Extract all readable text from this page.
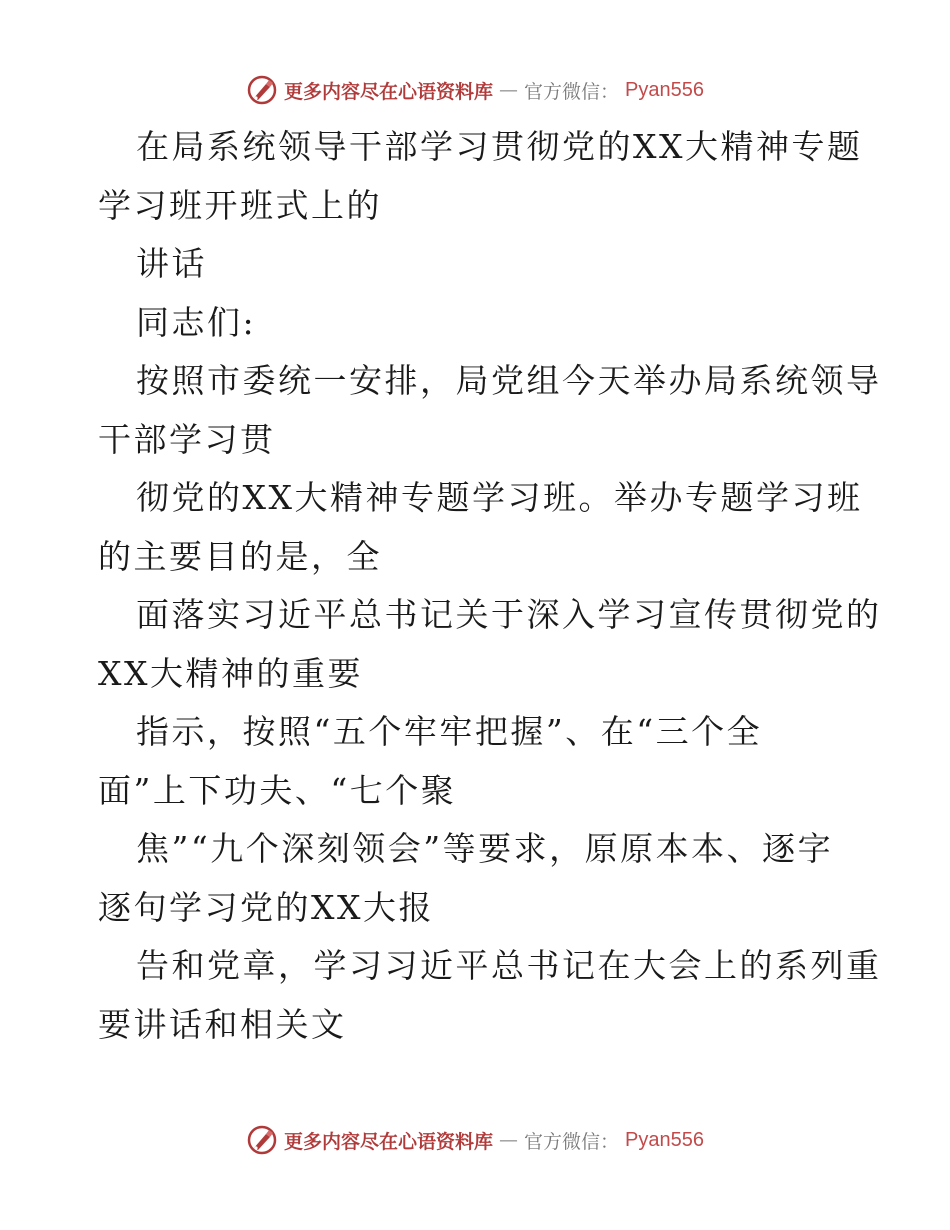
更多内容尽在心语资料库 — 官方微信： Pyan556
在局系统领导干部学习贯彻党的XX大精神专题
学习班开班式上的
讲话
同志们:
按照市委统一安排，局党组今天举办局系统领导
干部学习贯
彻党的XX大精神专题学习班。举办专题学习班
的主要目的是，全
面落实习近平总书记关于深入学习宣传贯彻党的
XX大精神的重要
指示，按照“五个牢牢把握”、在“三个全
面”上下功夫、“七个聚
焦”“九个深刻领会”等要求，原原本本、逐字
逐句学习党的XX大报
告和党章，学习习近平总书记在大会上的系列重
要讲话和相关文
更多内容尽在心语资料库 — 官方微信： Pyan556
